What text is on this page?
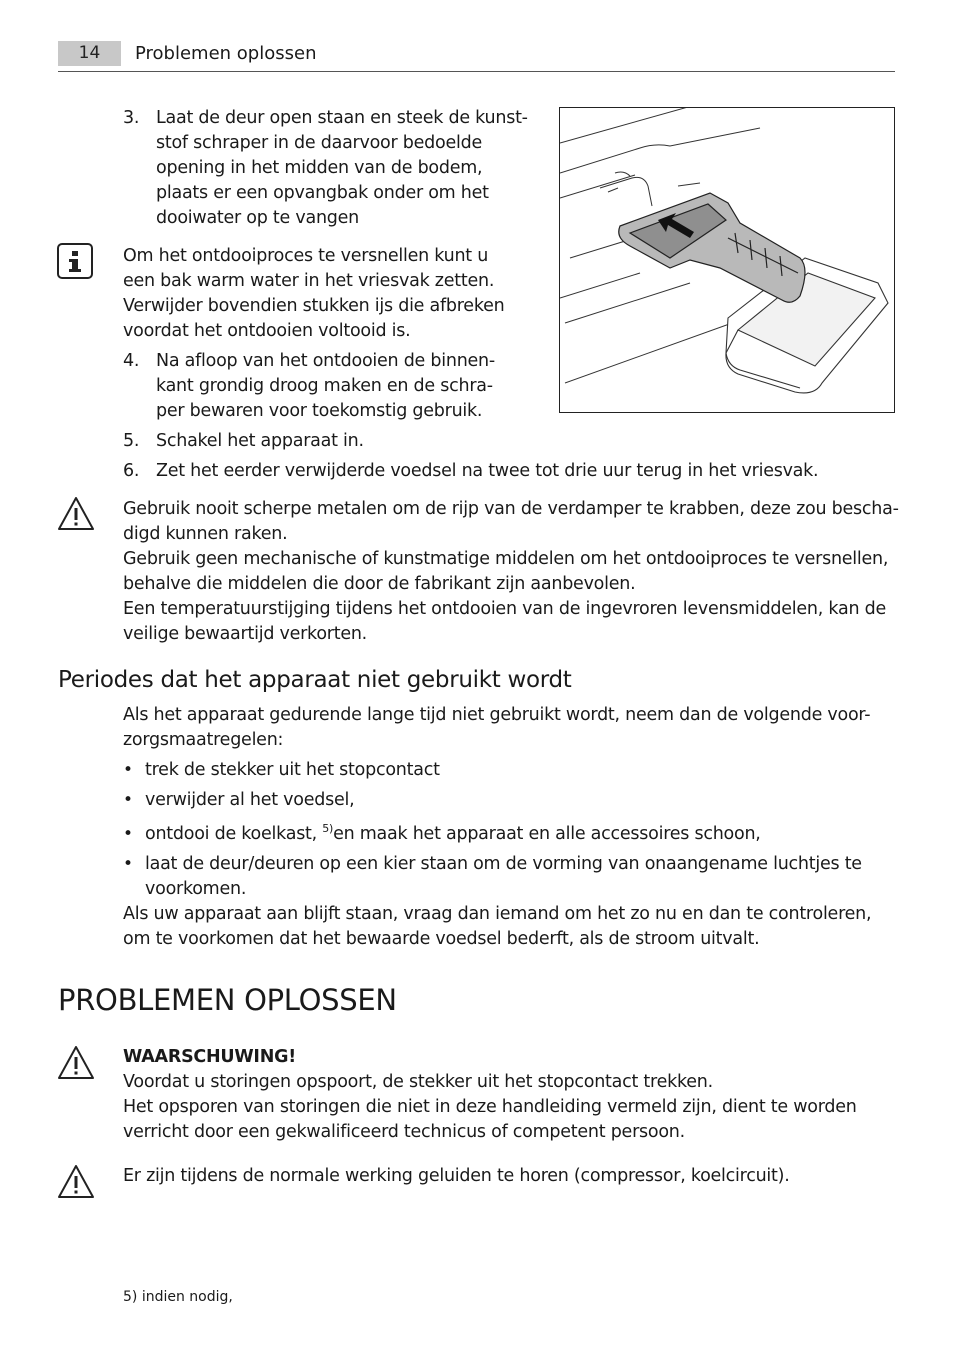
14	Problemen oplossen
3. Laat de deur open staan en steek de kunst-
stof schraper in de daarvoor bedoelde
opening in het midden van de bodem,
plaats er een opvangbak onder om het
dooiwater op te vangen
Om het ontdooiproces te versnellen kunt u
een bak warm water in het vriesvak zetten.
Verwijder bovendien stukken ijs die afbreken
voordat het ontdooien voltooid is.
4. Na afloop van het ontdooien de binnen-
kant grondig droog maken en de schra-
per bewaren voor toekomstig gebruik.
5. Schakel het apparaat in.
6. Zet het eerder verwijderde voedsel na twee tot drie uur terug in het vriesvak.
Gebruik nooit scherpe metalen om de rijp van de verdamper te krabben, deze zou bescha-
digd kunnen raken.
Gebruik geen mechanische of kunstmatige middelen om het ontdooiproces te versnellen,
behalve die middelen die door de fabrikant zijn aanbevolen.
Een temperatuurstijging tijdens het ontdooien van de ingevroren levensmiddelen, kan de
veilige bewaartijd verkorten.
Periodes dat het apparaat niet gebruikt wordt
Als het apparaat gedurende lange tijd niet gebruikt wordt, neem dan de volgende voor-
zorgsmaatregelen:
• trek de stekker uit het stopcontact
• verwijder al het voedsel,
• ontdooi de koelkast, $^{5)}$en maak het apparaat en alle accessoires schoon,
• laat de deur/deuren op een kier staan om de vorming van onaangename luchtjes te
voorkomen.
Als uw apparaat aan blijft staan, vraag dan iemand om het zo nu en dan te controleren,
om te voorkomen dat het bewaarde voedsel bederft, als de stroom uitvalt.
PROBLEMEN OPLOSSEN
WAARSCHUWING!
Voordat u storingen opspoort, de stekker uit het stopcontact trekken.
Het opsporen van storingen die niet in deze handleiding vermeld zijn, dient te worden
verricht door een gekwalificeerd technicus of competent persoon.
Er zijn tijdens de normale werking geluiden te horen (compressor, koelcircuit).
5) indien nodig,
